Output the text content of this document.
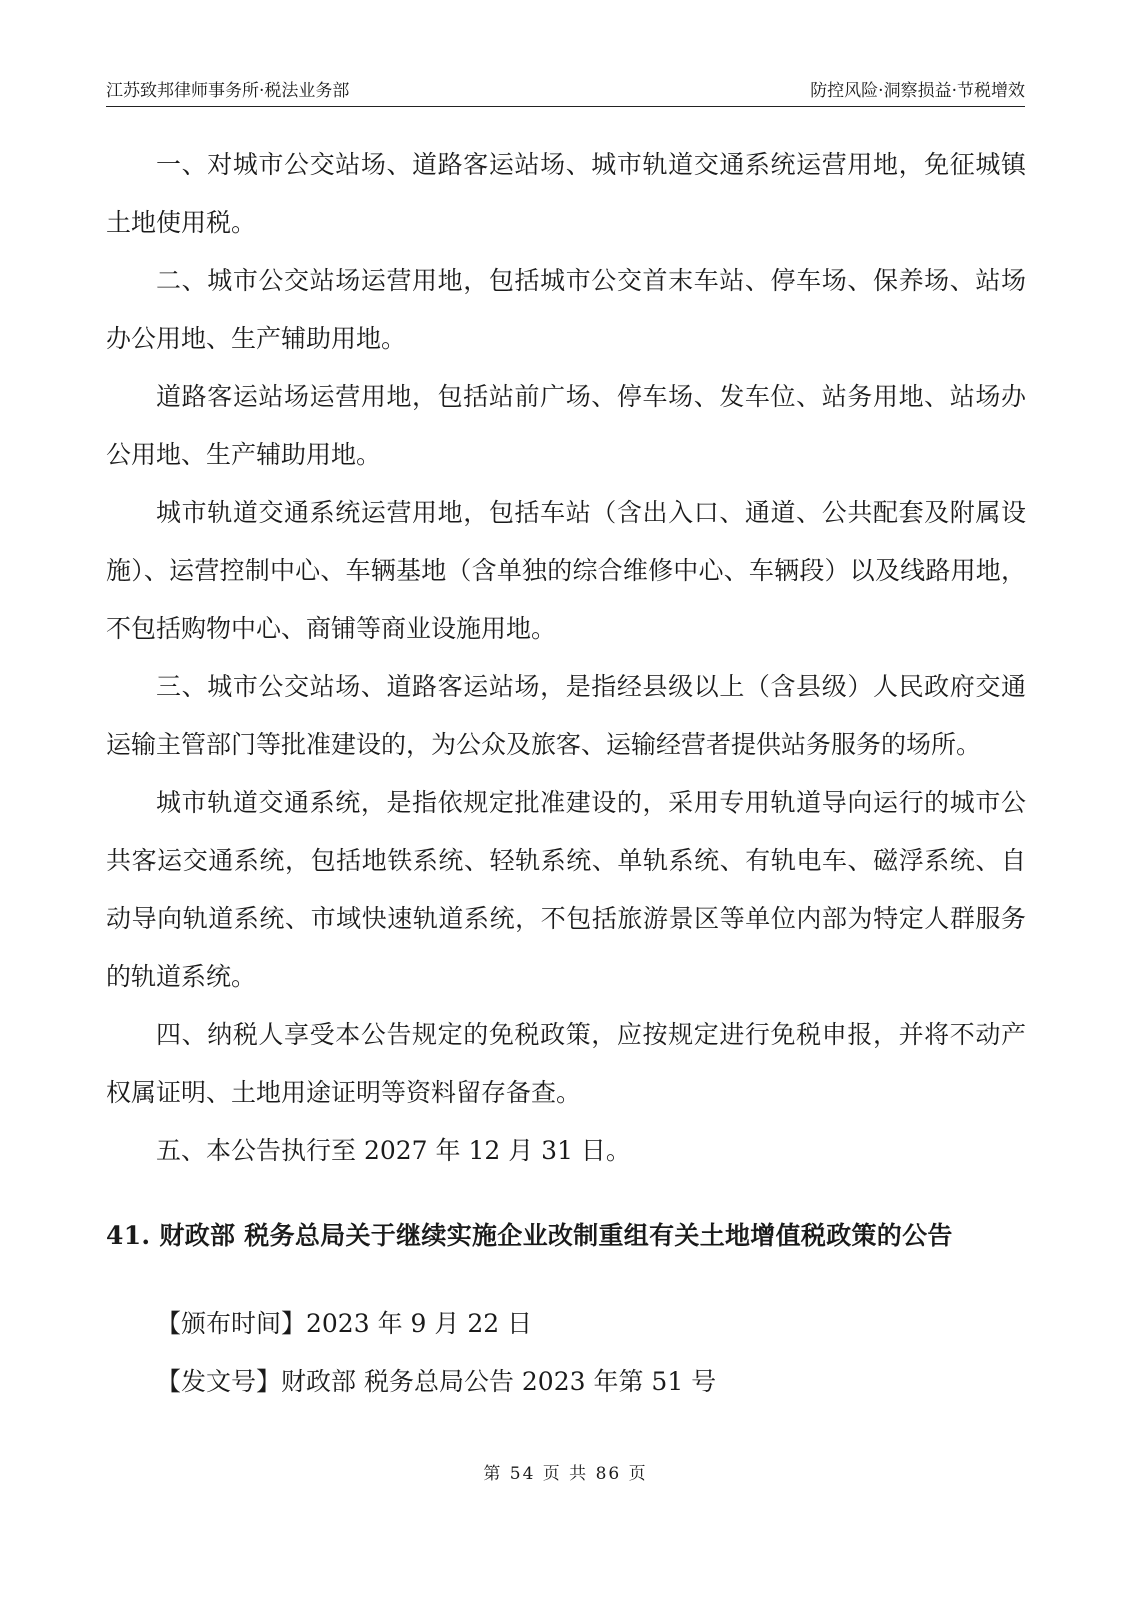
江苏致邦律师事务所·税法业务部	防控风险·洞察损益·节税增效

一、对城市公交站场、道路客运站场、城市轨道交通系统运营用地，免征城镇土地使用税。

二、城市公交站场运营用地，包括城市公交首末车站、停车场、保养场、站场办公用地、生产辅助用地。

道路客运站场运营用地，包括站前广场、停车场、发车位、站务用地、站场办公用地、生产辅助用地。

城市轨道交通系统运营用地，包括车站（含出入口、通道、公共配套及附属设施）、运营控制中心、车辆基地（含单独的综合维修中心、车辆段）以及线路用地，不包括购物中心、商铺等商业设施用地。

三、城市公交站场、道路客运站场，是指经县级以上（含县级）人民政府交通运输主管部门等批准建设的，为公众及旅客、运输经营者提供站务服务的场所。

城市轨道交通系统，是指依规定批准建设的，采用专用轨道导向运行的城市公共客运交通系统，包括地铁系统、轻轨系统、单轨系统、有轨电车、磁浮系统、自动导向轨道系统、市域快速轨道系统，不包括旅游景区等单位内部为特定人群服务的轨道系统。

四、纳税人享受本公告规定的免税政策，应按规定进行免税申报，并将不动产权属证明、土地用途证明等资料留存备查。

五、本公告执行至 2027 年 12 月 31 日。

41. 财政部 税务总局关于继续实施企业改制重组有关土地增值税政策的公告

【颁布时间】2023 年 9 月 22 日

【发文号】财政部 税务总局公告 2023 年第 51 号

第 54 页 共 86 页
